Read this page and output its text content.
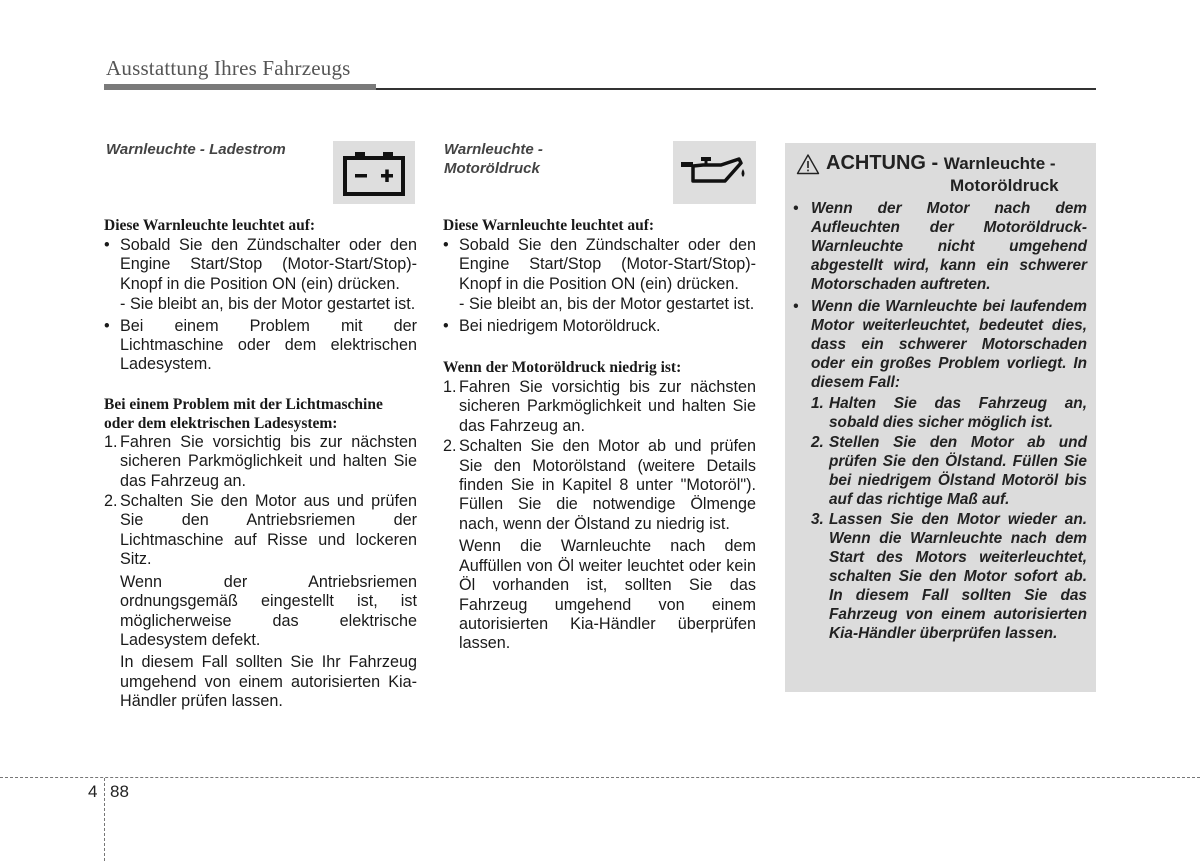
Ausstattung Ihres Fahrzeugs
Warnleuchte - Ladestrom
Diese Warnleuchte leuchtet auf:
• Sobald Sie den Zündschalter oder den Engine Start/Stop (Motor-Start/Stop)-Knopf in die Position ON (ein) drücken.
- Sie bleibt an, bis der Motor gestartet ist.
• Bei einem Problem mit der Lichtmaschine oder dem elektrischen Ladesystem.
Bei einem Problem mit der Lichtmaschine
oder dem elektrischen Ladesystem:
1. Fahren Sie vorsichtig bis zur nächsten sicheren Parkmöglichkeit und halten Sie das Fahrzeug an.
2. Schalten Sie den Motor aus und prüfen Sie den Antriebsriemen der Lichtmaschine auf Risse und lockeren Sitz.
Wenn der Antriebsriemen ordnungsgemäß eingestellt ist, ist möglicherweise das elektrische Ladesystem defekt.
In diesem Fall sollten Sie Ihr Fahrzeug umgehend von einem autorisierten Kia-Händler prüfen lassen.
Warnleuchte -
Motoröldruck
Diese Warnleuchte leuchtet auf:
• Sobald Sie den Zündschalter oder den Engine Start/Stop (Motor-Start/Stop)-Knopf in die Position ON (ein) drücken.
- Sie bleibt an, bis der Motor gestartet ist.
• Bei niedrigem Motoröldruck.
Wenn der Motoröldruck niedrig ist:
1. Fahren Sie vorsichtig bis zur nächsten sicheren Parkmöglichkeit und halten Sie das Fahrzeug an.
2. Schalten Sie den Motor ab und prüfen Sie den Motorölstand (weitere Details finden Sie in Kapitel 8 unter "Motoröl"). Füllen Sie die notwendige Ölmenge nach, wenn der Ölstand zu niedrig ist.
Wenn die Warnleuchte nach dem Auffüllen von Öl weiter leuchtet oder kein Öl vorhanden ist, sollten Sie das Fahrzeug umgehend von einem autorisierten Kia-Händler überprüfen lassen.
ACHTUNG - Warnleuchte -
Motoröldruck
• Wenn der Motor nach dem Aufleuchten der Motoröldruck-Warnleuchte nicht umgehend abgestellt wird, kann ein schwerer Motorschaden auftreten.
• Wenn die Warnleuchte bei laufendem Motor weiterleuchtet, bedeutet dies, dass ein schwerer Motorschaden oder ein großes Problem vorliegt. In diesem Fall:
1. Halten Sie das Fahrzeug an, sobald dies sicher möglich ist.
2. Stellen Sie den Motor ab und prüfen Sie den Ölstand. Füllen Sie bei niedrigem Ölstand Motoröl bis auf das richtige Maß auf.
3. Lassen Sie den Motor wieder an. Wenn die Warnleuchte nach dem Start des Motors weiterleuchtet, schalten Sie den Motor sofort ab. In diesem Fall sollten Sie das Fahrzeug von einem autorisierten Kia-Händler überprüfen lassen.
4 88
